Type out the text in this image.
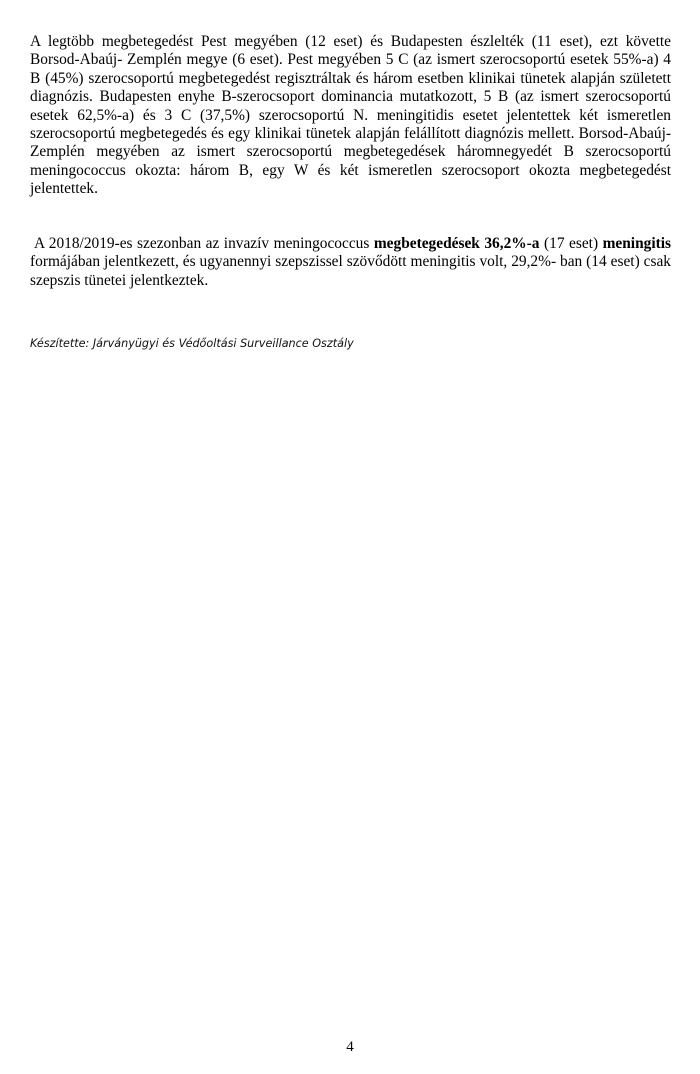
A legtöbb megbetegedést Pest megyében (12 eset) és Budapesten észlelték (11 eset), ezt követte Borsod-Abaúj- Zemplén megye (6 eset). Pest megyében 5 C (az ismert szerocsoportú esetek 55%-a) 4 B (45%) szerocsoportú megbetegedést regisztráltak és három esetben klinikai tünetek alapján született diagnózis. Budapesten enyhe B-szerocsoport dominancia mutatkozott, 5 B (az ismert szerocsoportú esetek 62,5%-a) és 3 C (37,5%) szerocsoportú N. meningitidis esetet jelentettek két ismeretlen szerocsoportú megbetegedés és egy klinikai tünetek alapján felállított diagnózis mellett. Borsod-Abaúj-Zemplén megyében az ismert szerocsoportú megbetegedések háromnegyedét B szerocsoportú meningococcus okozta: három B, egy W és két ismeretlen szerocsoport okozta megbetegedést jelentettek.

A 2018/2019-es szezonban az invazív meningococcus megbetegedések 36,2%-a (17 eset) meningitis formájában jelentkezett, és ugyanennyi szepszissel szövődött meningitis volt, 29,2%- ban (14 eset) csak szepszis tünetei jelentkeztek.

Készítette: Járványügyi és Védőoltási Surveillance Osztály

4
